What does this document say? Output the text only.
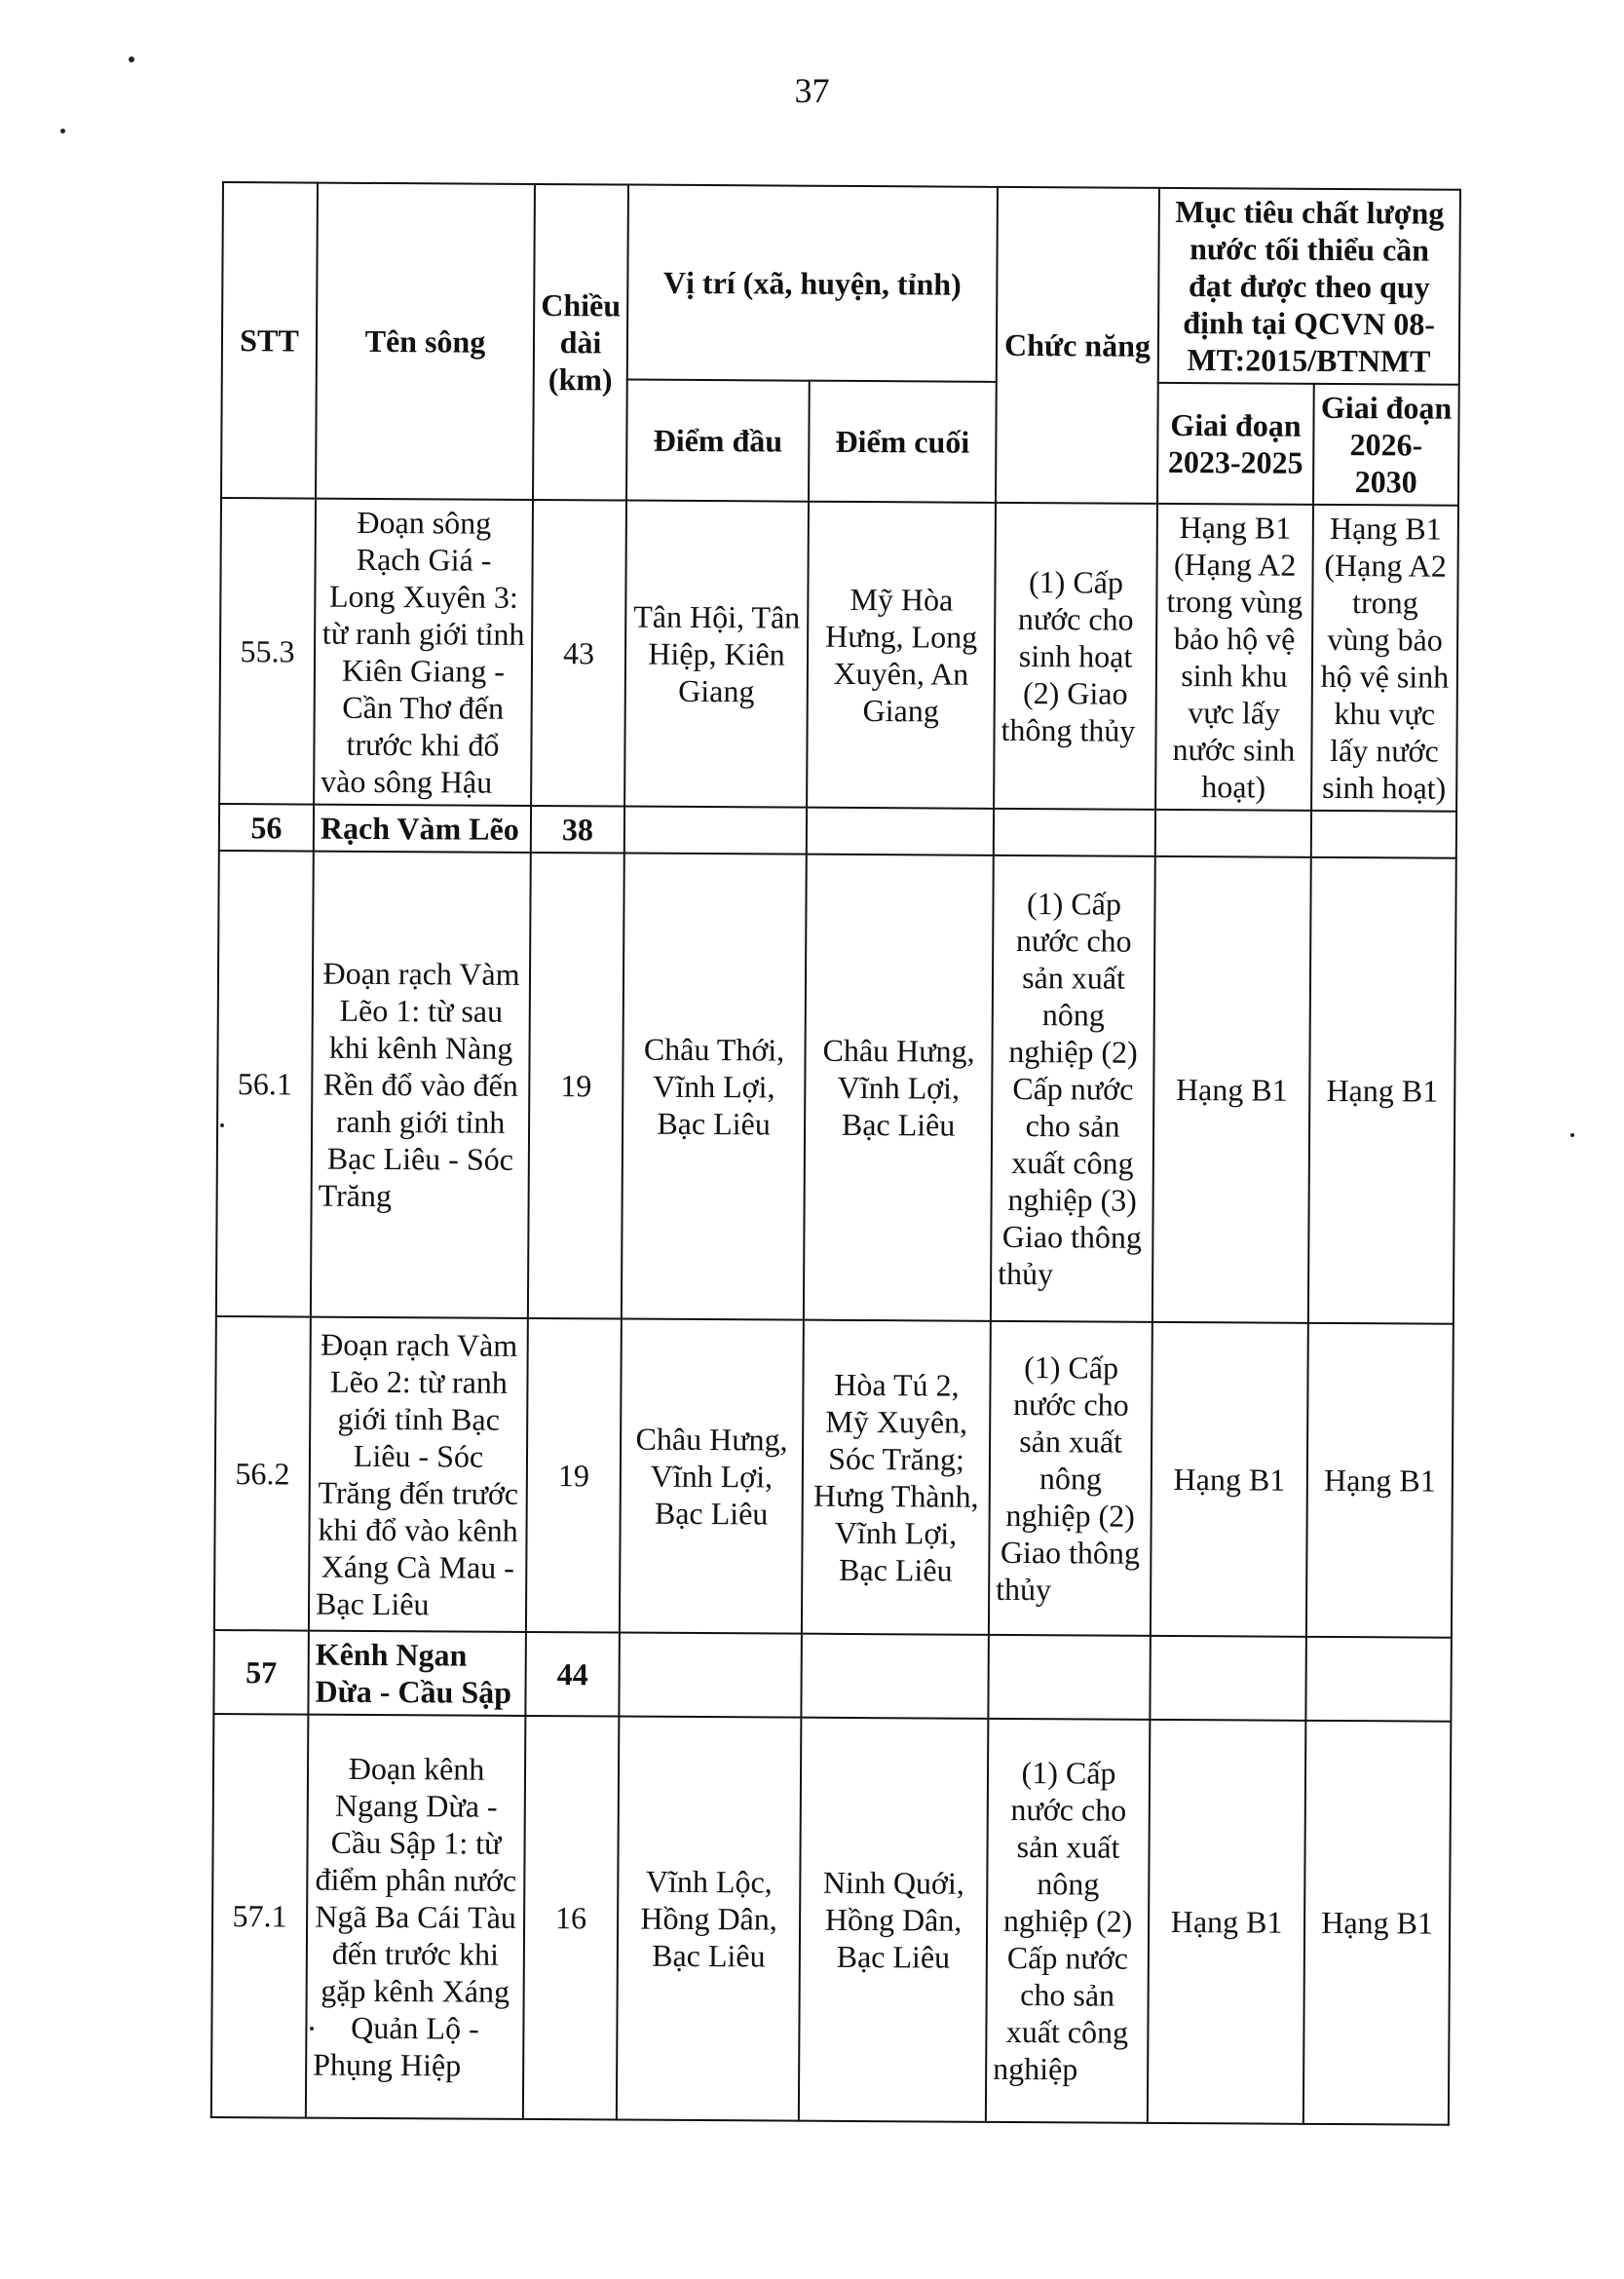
37
STT	Tên sông	Chiều dài (km)	Vị trí (xã, huyện, tỉnh)		Chức năng	Mục tiêu chất lượng nước tối thiểu cần đạt được theo quy định tại QCVN 08-MT:2015/BTNMT	
			Điểm đầu	Điểm cuối		Giai đoạn 2023-2025	Giai đoạn 2026-2030
55.3	Đoạn sông Rạch Giá - Long Xuyên 3: từ ranh giới tỉnh Kiên Giang - Cần Thơ đến trước khi đổ vào sông Hậu	43	Tân Hội, Tân Hiệp, Kiên Giang	Mỹ Hòa Hưng, Long Xuyên, An Giang	(1) Cấp nước cho sinh hoạt (2) Giao thông thủy	Hạng B1 (Hạng A2 trong vùng bảo hộ vệ sinh khu vực lấy nước sinh hoạt)	Hạng B1 (Hạng A2 trong vùng bảo hộ vệ sinh khu vực lấy nước sinh hoạt)
56	Rạch Vàm Lẽo	38					
56.1	Đoạn rạch Vàm Lẽo 1: từ sau khi kênh Nàng Rền đổ vào đến ranh giới tỉnh Bạc Liêu - Sóc Trăng	19	Châu Thới, Vĩnh Lợi, Bạc Liêu	Châu Hưng, Vĩnh Lợi, Bạc Liêu	(1) Cấp nước cho sản xuất nông nghiệp (2) Cấp nước cho sản xuất công nghiệp (3) Giao thông thủy	Hạng B1	Hạng B1
56.2	Đoạn rạch Vàm Lẽo 2: từ ranh giới tỉnh Bạc Liêu - Sóc Trăng đến trước khi đổ vào kênh Xáng Cà Mau - Bạc Liêu	19	Châu Hưng, Vĩnh Lợi, Bạc Liêu	Hòa Tú 2, Mỹ Xuyên, Sóc Trăng; Hưng Thành, Vĩnh Lợi, Bạc Liêu	(1) Cấp nước cho sản xuất nông nghiệp (2) Giao thông thủy	Hạng B1	Hạng B1
57	Kênh Ngan Dừa - Cầu Sập	44					
57.1	Đoạn kênh Ngang Dừa - Cầu Sập 1: từ điểm phân nước Ngã Ba Cái Tàu đến trước khi gặp kênh Xáng Quản Lộ - Phụng Hiệp	16	Vĩnh Lộc, Hồng Dân, Bạc Liêu	Ninh Quới, Hồng Dân, Bạc Liêu	(1) Cấp nước cho sản xuất nông nghiệp (2) Cấp nước cho sản xuất công nghiệp	Hạng B1	Hạng B1
